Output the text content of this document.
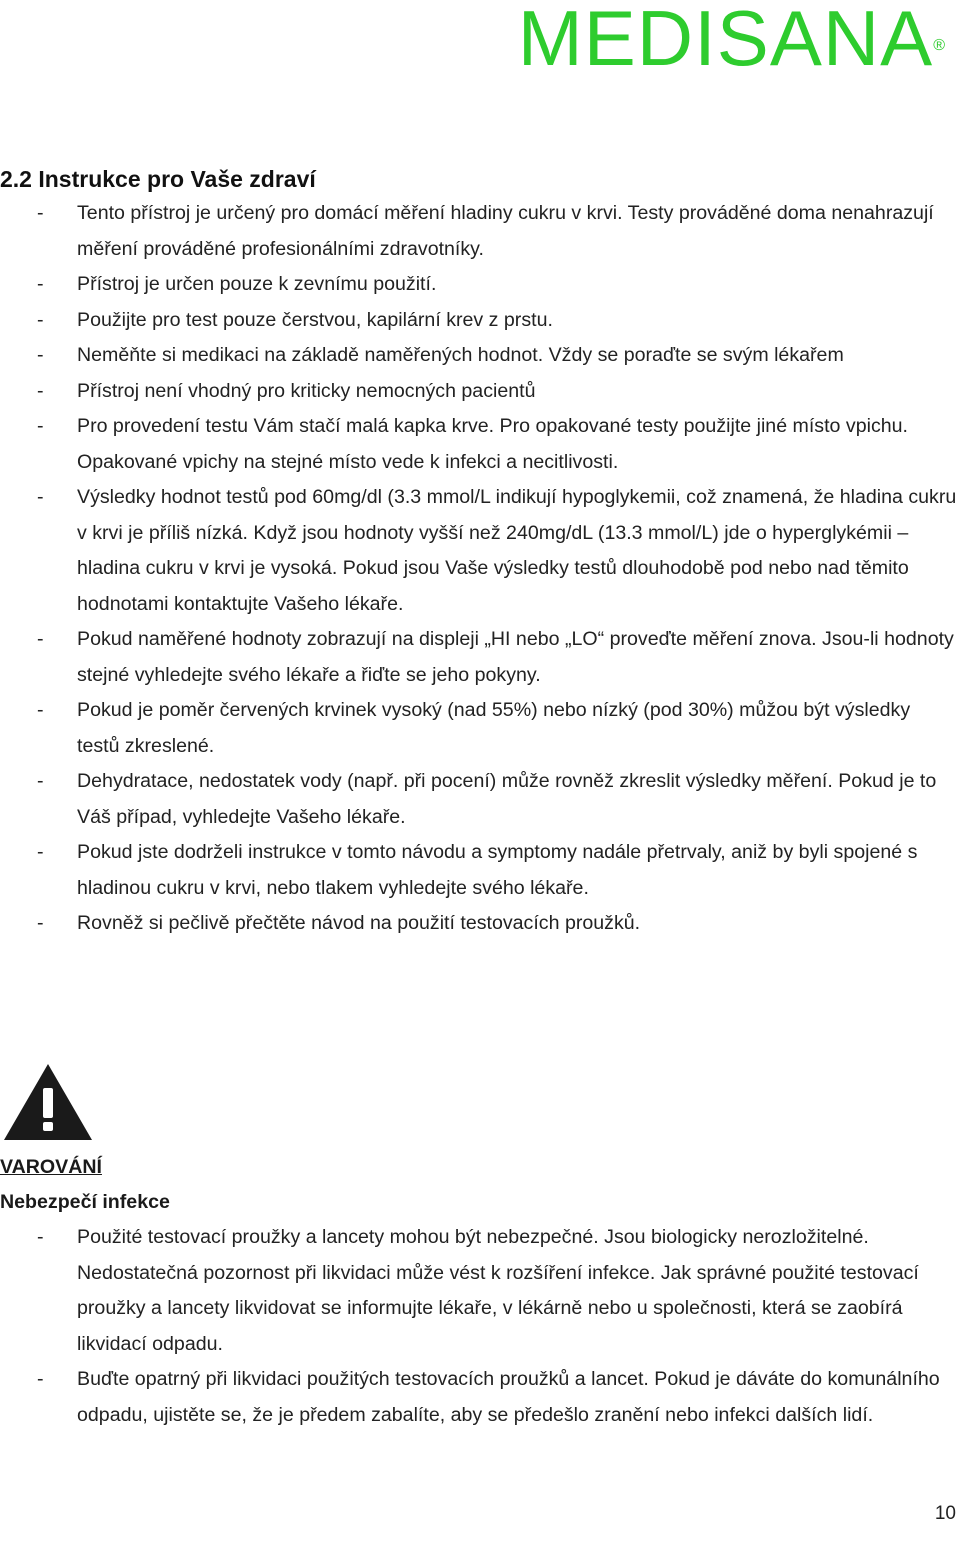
MEDISANA®
2.2 Instrukce pro Vaše zdraví
- Tento přístroj je určený pro domácí měření hladiny cukru v krvi. Testy prováděné doma nenahrazují měření prováděné profesionálními zdravotníky.
- Přístroj je určen pouze k zevnímu použití.
- Použijte pro test pouze čerstvou, kapilární krev z prstu.
- Neměňte si medikaci na základě naměřených hodnot. Vždy se poraďte se svým lékařem
- Přístroj není vhodný pro kriticky nemocných pacientů
- Pro provedení testu Vám stačí malá kapka krve. Pro opakované testy použijte jiné místo vpichu. Opakované vpichy na stejné místo vede k infekci a necitlivosti.
- Výsledky hodnot testů pod 60mg/dl (3.3 mmol/L indikují hypoglykemii, což znamená, že hladina cukru v krvi je příliš nízká. Když jsou hodnoty vyšší než 240mg/dL (13.3 mmol/L) jde o hyperglykémii – hladina cukru v krvi je vysoká. Pokud jsou Vaše výsledky testů dlouhodobě pod nebo nad těmito hodnotami kontaktujte Vašeho lékaře.
- Pokud naměřené hodnoty zobrazují na displeji „HI nebo „LO“ proveďte měření znova. Jsou-li hodnoty stejné vyhledejte svého lékaře a řiďte se jeho pokyny.
- Pokud je poměr červených krvinek vysoký (nad 55%) nebo nízký (pod 30%) můžou být výsledky testů zkreslené.
- Dehydratace, nedostatek vody (např. při pocení) může rovněž zkreslit výsledky měření. Pokud je to Váš případ, vyhledejte Vašeho lékaře.
- Pokud jste dodrželi instrukce v tomto návodu a symptomy nadále přetrvaly, aniž by byli spojené s hladinou cukru v krvi, nebo tlakem vyhledejte svého lékaře.
- Rovněž si pečlivě přečtěte návod na použití testovacích proužků.
VAROVÁNÍ
Nebezpečí infekce
- Použité testovací proužky a lancety mohou být nebezpečné. Jsou biologicky nerozložitelné. Nedostatečná pozornost při likvidaci může vést k rozšíření infekce. Jak správné použité testovací proužky a lancety likvidovat se informujte lékaře, v lékárně nebo u společnosti, která se zaobírá likvidací odpadu.
- Buďte opatrný při likvidaci použitých testovacích proužků a lancet. Pokud je dáváte do komunálního odpadu, ujistěte se, že je předem zabalíte, aby se předešlo zranění nebo infekci dalších lidí.
10
